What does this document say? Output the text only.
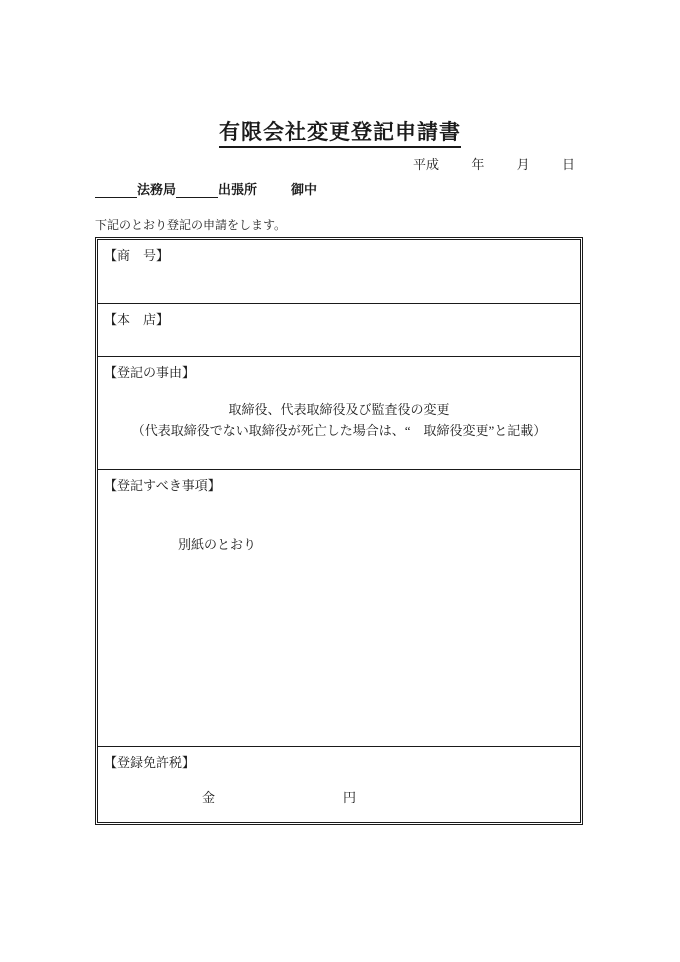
有限会社変更登記申請書
平成 年 月 日
法務局	出張所	御中
下記のとおり登記の申請をします。
【商　号】
【本　店】
【登記の事由】
取締役、代表取締役及び監査役の変更
（代表取締役でない取締役が死亡した場合は、“　取締役変更”と記載）
【登記すべき事項】
別紙のとおり
【登録免許税】
金	円
